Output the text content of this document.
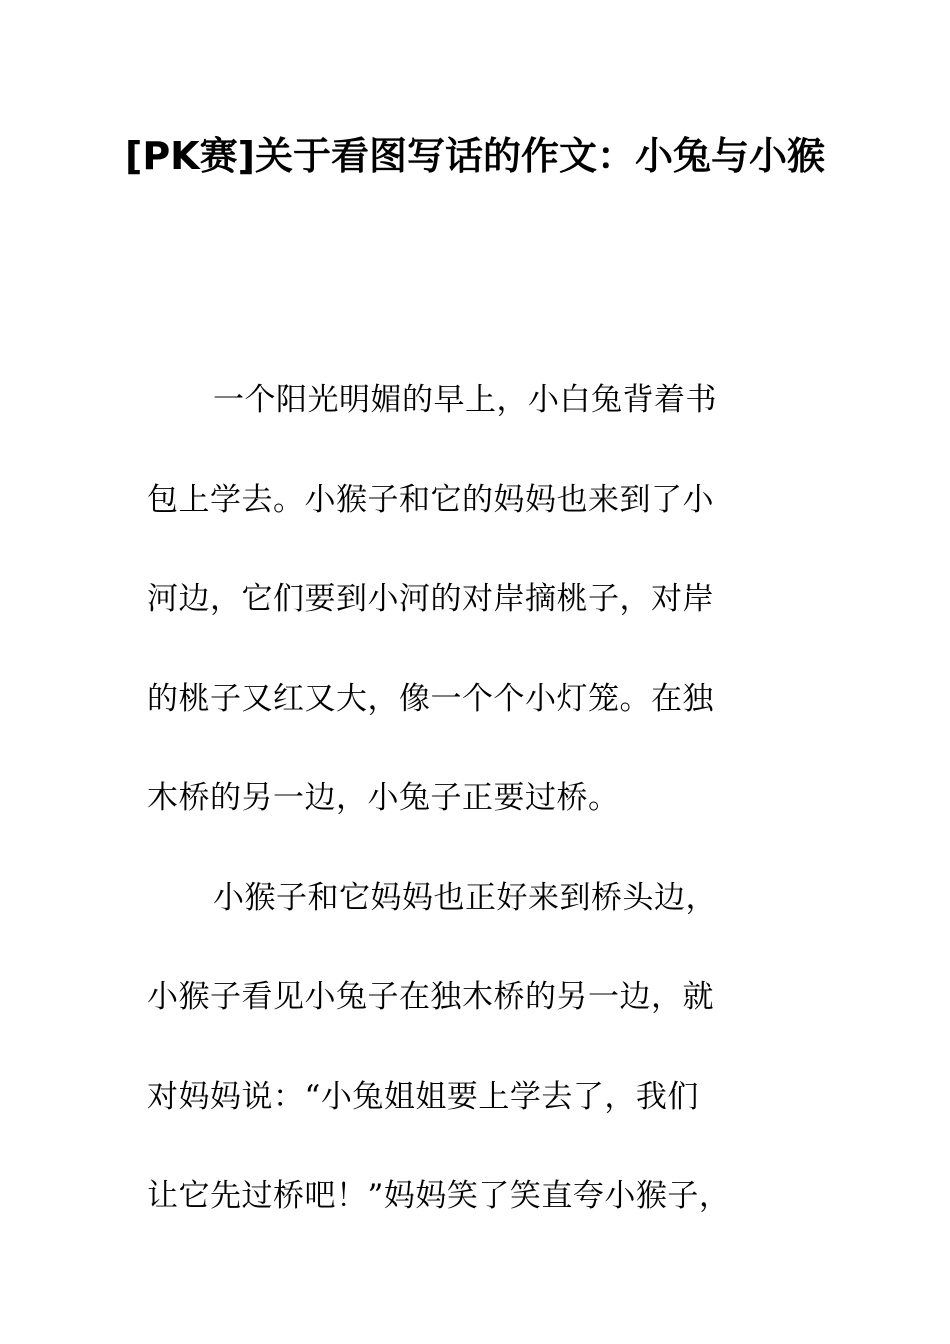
[PK赛]关于看图写话的作文：小兔与小猴
一个阳光明媚的早上，小白兔背着书
包上学去。小猴子和它的妈妈也来到了小
河边，它们要到小河的对岸摘桃子，对岸
的桃子又红又大，像一个个小灯笼。在独
木桥的另一边，小兔子正要过桥。
小猴子和它妈妈也正好来到桥头边，
小猴子看见小兔子在独木桥的另一边，就
对妈妈说：“小兔姐姐要上学去了，我们
让它先过桥吧！”妈妈笑了笑直夸小猴子，
